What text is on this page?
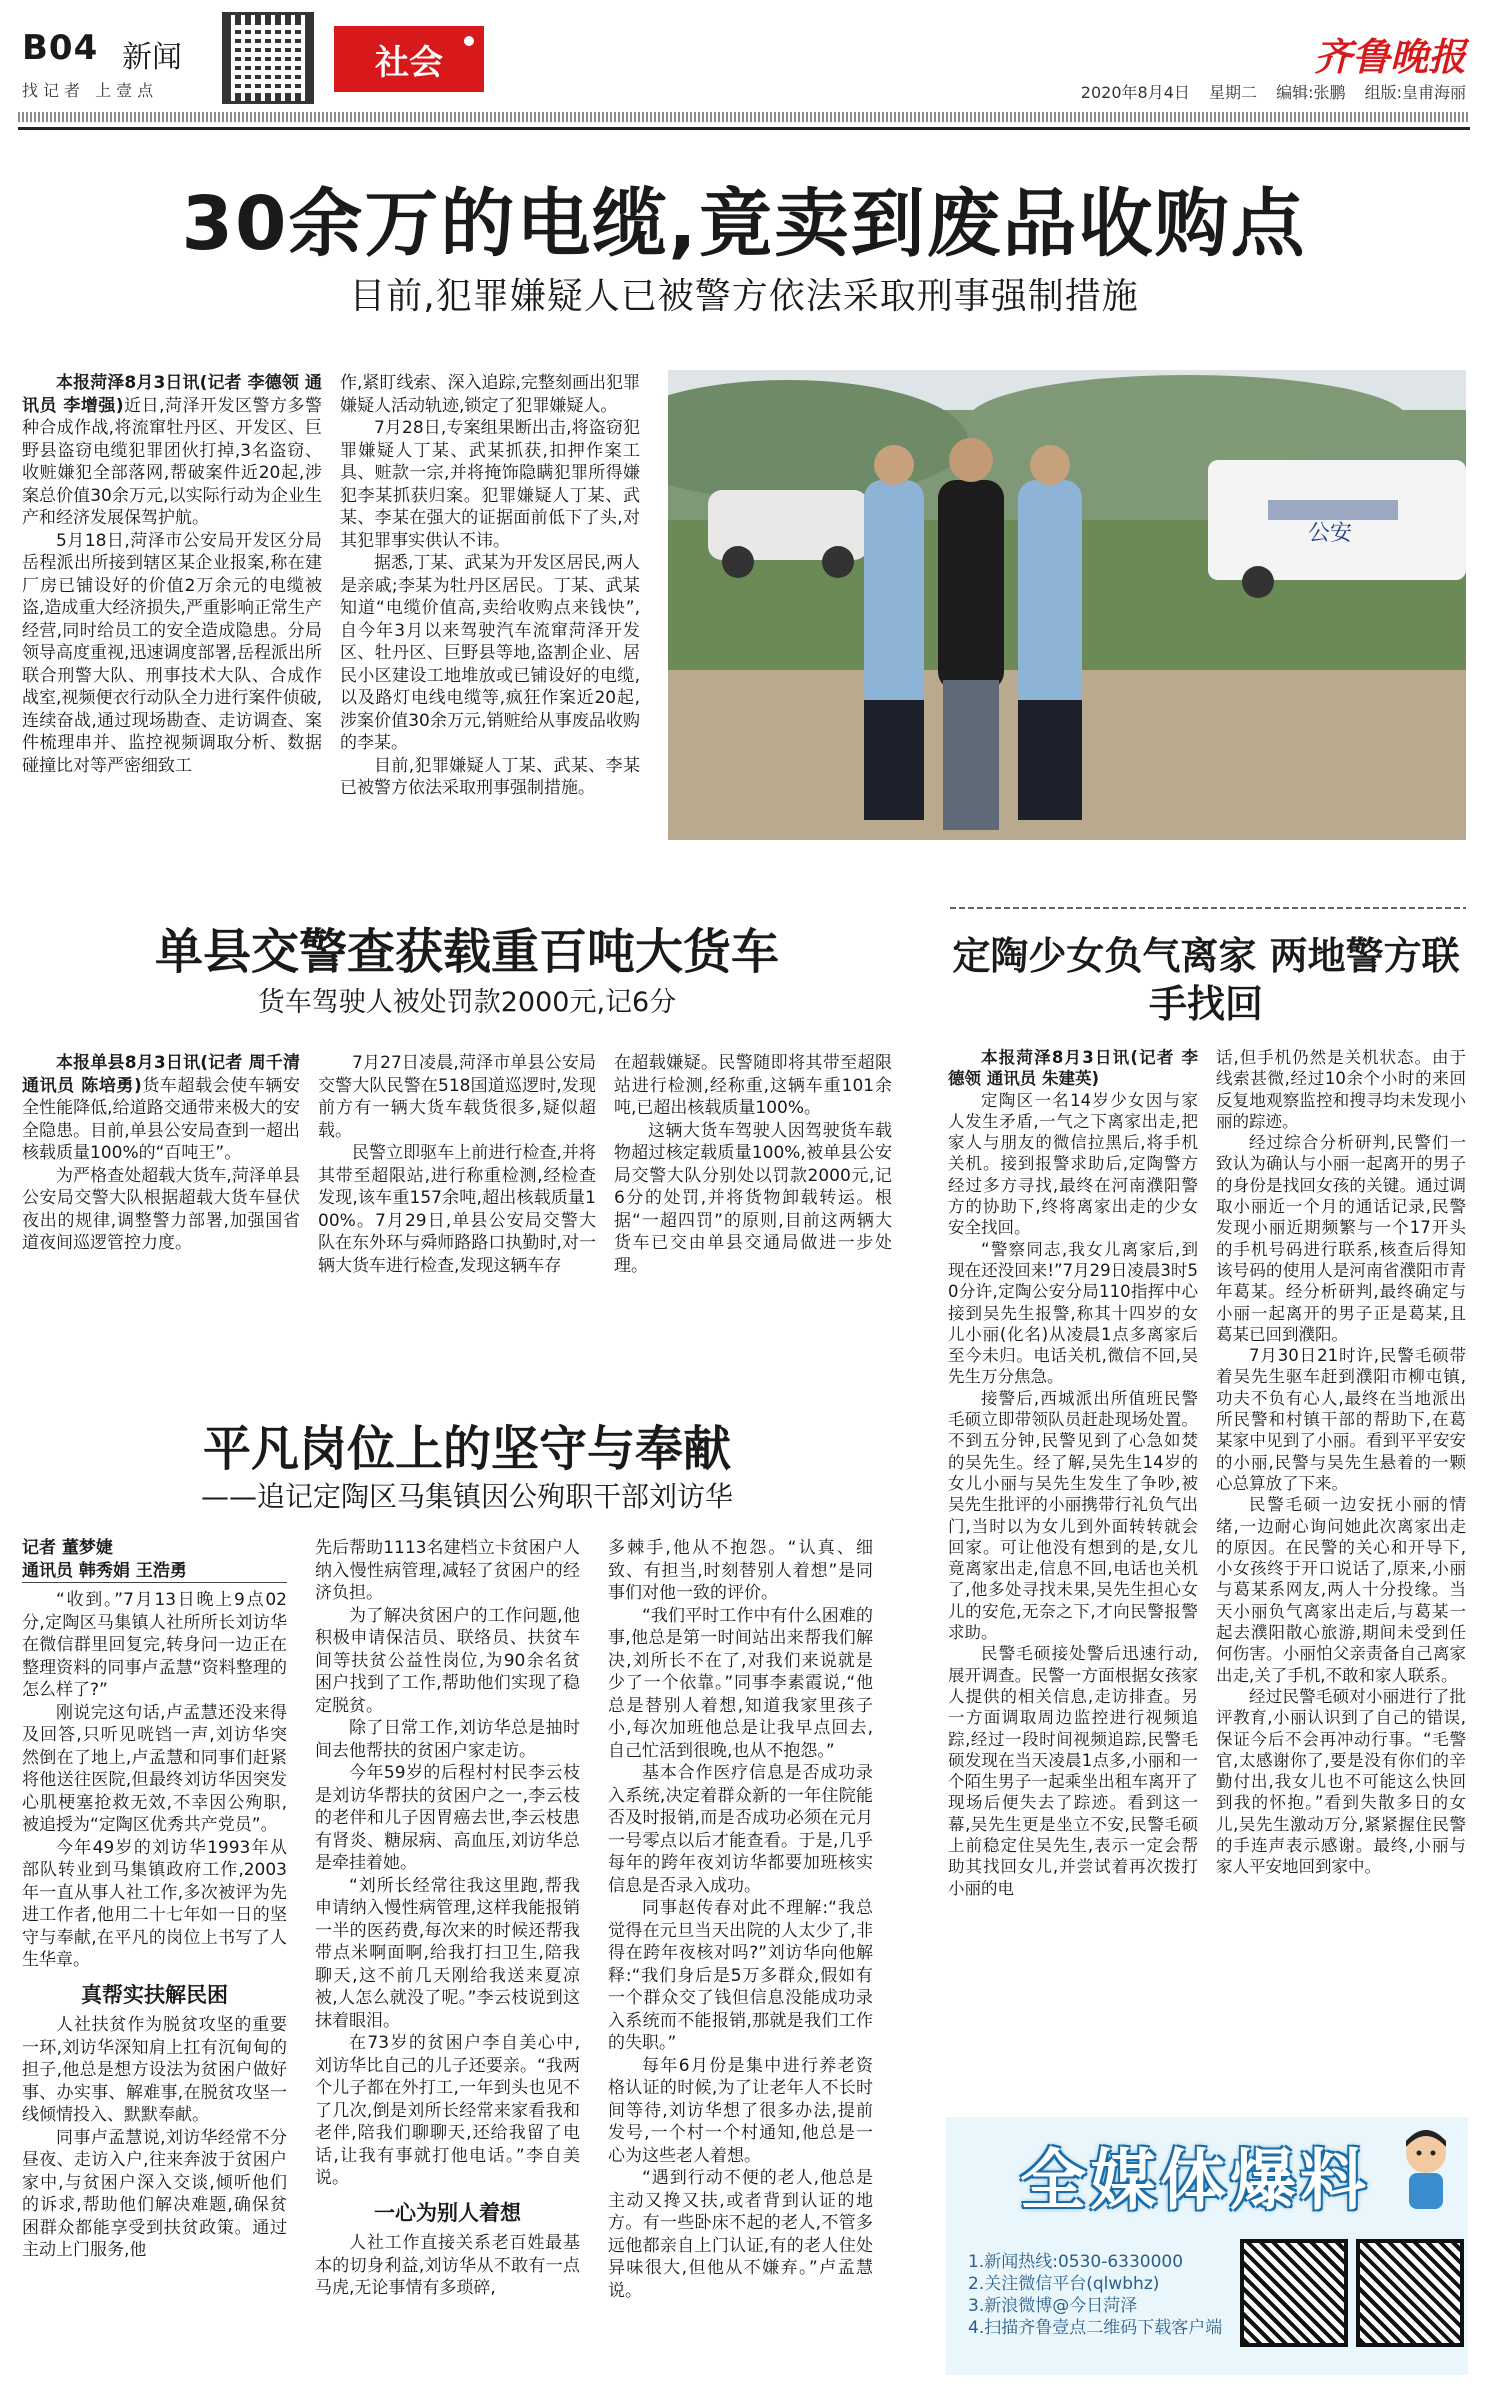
B04 新闻
找记者 上壹点
社会	齐鲁晚报
2020年8月4日 星期二 编辑:张鹏 组版:皇甫海丽
30余万的电缆,竟卖到废品收购点
目前,犯罪嫌疑人已被警方依法采取刑事强制措施

本报菏泽8月3日讯(记者 李德领 通讯员 李增强)近日,菏泽开发区警方多警种合成作战,将流窜牡丹区、开发区、巨野县盗窃电缆犯罪团伙打掉,3名盗窃、收赃嫌犯全部落网,帮破案件近20起,涉案总价值30余万元,以实际行动为企业生产和经济发展保驾护航。

5月18日,菏泽市公安局开发区分局岳程派出所接到辖区某企业报案,称在建厂房已铺设好的价值2万余元的电缆被盗,造成重大经济损失,严重影响正常生产经营,同时给员工的安全造成隐患。分局领导高度重视,迅速调度部署,岳程派出所联合刑警大队、刑事技术大队、合成作战室,视频便衣行动队全力进行案件侦破,连续奋战,通过现场勘查、走访调查、案件梳理串并、监控视频调取分析、数据碰撞比对等严密细致工

作,紧盯线索、深入追踪,完整刻画出犯罪嫌疑人活动轨迹,锁定了犯罪嫌疑人。

7月28日,专案组果断出击,将盗窃犯罪嫌疑人丁某、武某抓获,扣押作案工具、赃款一宗,并将掩饰隐瞒犯罪所得嫌犯李某抓获归案。犯罪嫌疑人丁某、武某、李某在强大的证据面前低下了头,对其犯罪事实供认不讳。

据悉,丁某、武某为开发区居民,两人是亲戚;李某为牡丹区居民。丁某、武某知道“电缆价值高,卖给收购点来钱快”,自今年3月以来驾驶汽车流窜菏泽开发区、牡丹区、巨野县等地,盗割企业、居民小区建设工地堆放或已铺设好的电缆,以及路灯电线电缆等,疯狂作案近20起,涉案价值30余万元,销赃给从事废品收购的李某。

目前,犯罪嫌疑人丁某、武某、李某已被警方依法采取刑事强制措施。

公安
单县交警查获载重百吨大货车
货车驾驶人被处罚款2000元,记6分

本报单县8月3日讯(记者 周千清 通讯员 陈培勇)货车超载会使车辆安全性能降低,给道路交通带来极大的安全隐患。目前,单县公安局查到一超出核载质量100%的“百吨王”。

为严格查处超载大货车,菏泽单县公安局交警大队根据超载大货车昼伏夜出的规律,调整警力部署,加强国省道夜间巡逻管控力度。

7月27日凌晨,菏泽市单县公安局交警大队民警在518国道巡逻时,发现前方有一辆大货车载货很多,疑似超载。

民警立即驱车上前进行检查,并将其带至超限站,进行称重检测,经检查发现,该车重157余吨,超出核载质量100%。7月29日,单县公安局交警大队在东外环与舜师路路口执勤时,对一辆大货车进行检查,发现这辆车存

在超载嫌疑。民警随即将其带至超限站进行检测,经称重,这辆车重101余吨,已超出核载质量100%。

这辆大货车驾驶人因驾驶货车载物超过核定载质量100%,被单县公安局交警大队分别处以罚款2000元,记6分的处罚,并将货物卸载转运。根据“一超四罚”的原则,目前这两辆大货车已交由单县交通局做进一步处理。

定陶少女负气离家 两地警方联手找回

本报菏泽8月3日讯(记者 李德领 通讯员 朱建英)

定陶区一名14岁少女因与家人发生矛盾,一气之下离家出走,把家人与朋友的微信拉黑后,将手机关机。接到报警求助后,定陶警方经过多方寻找,最终在河南濮阳警方的协助下,终将离家出走的少女安全找回。

“警察同志,我女儿离家后,到现在还没回来!”7月29日凌晨3时50分许,定陶公安分局110指挥中心接到吴先生报警,称其十四岁的女儿小丽(化名)从凌晨1点多离家后至今未归。电话关机,微信不回,吴先生万分焦急。

接警后,西城派出所值班民警毛硕立即带领队员赶赴现场处置。不到五分钟,民警见到了心急如焚的吴先生。经了解,吴先生14岁的女儿小丽与吴先生发生了争吵,被吴先生批评的小丽携带行礼负气出门,当时以为女儿到外面转转就会回家。可让他没有想到的是,女儿竟离家出走,信息不回,电话也关机了,他多处寻找未果,吴先生担心女儿的安危,无奈之下,才向民警报警求助。

民警毛硕接处警后迅速行动,展开调查。民警一方面根据女孩家人提供的相关信息,走访排查。另一方面调取周边监控进行视频追踪,经过一段时间视频追踪,民警毛硕发现在当天凌晨1点多,小丽和一个陌生男子一起乘坐出租车离开了现场后便失去了踪迹。看到这一幕,吴先生更是坐立不安,民警毛硕上前稳定住吴先生,表示一定会帮助其找回女儿,并尝试着再次拨打小丽的电

话,但手机仍然是关机状态。由于线索甚微,经过10余个小时的来回反复地观察监控和搜寻均未发现小丽的踪迹。

经过综合分析研判,民警们一致认为确认与小丽一起离开的男子的身份是找回女孩的关键。通过调取小丽近一个月的通话记录,民警发现小丽近期频繁与一个17开头的手机号码进行联系,核查后得知该号码的使用人是河南省濮阳市青年葛某。经分析研判,最终确定与小丽一起离开的男子正是葛某,且葛某已回到濮阳。

7月30日21时许,民警毛硕带着吴先生驱车赶到濮阳市柳屯镇,功夫不负有心人,最终在当地派出所民警和村镇干部的帮助下,在葛某家中见到了小丽。看到平平安安的小丽,民警与吴先生悬着的一颗心总算放了下来。

民警毛硕一边安抚小丽的情绪,一边耐心询问她此次离家出走的原因。在民警的关心和开导下,小女孩终于开口说话了,原来,小丽与葛某系网友,两人十分投缘。当天小丽负气离家出走后,与葛某一起去濮阳散心旅游,期间未受到任何伤害。小丽怕父亲责备自己离家出走,关了手机,不敢和家人联系。

经过民警毛硕对小丽进行了批评教育,小丽认识到了自己的错误,保证今后不会再冲动行事。“毛警官,太感谢你了,要是没有你们的辛勤付出,我女儿也不可能这么快回到我的怀抱。”看到失散多日的女儿,吴先生激动万分,紧紧握住民警的手连声表示感谢。最终,小丽与家人平安地回到家中。

平凡岗位上的坚守与奉献
——追记定陶区马集镇因公殉职干部刘访华

记者 董梦婕

通讯员 韩秀娟 王浩勇

“收到。”7月13日晚上9点02分,定陶区马集镇人社所所长刘访华在微信群里回复完,转身问一边正在整理资料的同事卢孟慧“资料整理的怎么样了?”

刚说完这句话,卢孟慧还没来得及回答,只听见咣铛一声,刘访华突然倒在了地上,卢孟慧和同事们赶紧将他送往医院,但最终刘访华因突发心肌梗塞抢救无效,不幸因公殉职,被追授为“定陶区优秀共产党员”。

今年49岁的刘访华1993年从部队转业到马集镇政府工作,2003年一直从事人社工作,多次被评为先进工作者,他用二十七年如一日的坚守与奉献,在平凡的岗位上书写了人生华章。

真帮实扶解民困

人社扶贫作为脱贫攻坚的重要一环,刘访华深知肩上扛有沉甸甸的担子,他总是想方设法为贫困户做好事、办实事、解难事,在脱贫攻坚一线倾情投入、默默奉献。

同事卢孟慧说,刘访华经常不分昼夜、走访入户,往来奔波于贫困户家中,与贫困户深入交谈,倾听他们的诉求,帮助他们解决难题,确保贫困群众都能享受到扶贫政策。通过主动上门服务,他

先后帮助1113名建档立卡贫困户人纳入慢性病管理,减轻了贫困户的经济负担。

为了解决贫困户的工作问题,他积极申请保洁员、联络员、扶贫车间等扶贫公益性岗位,为90余名贫困户找到了工作,帮助他们实现了稳定脱贫。

除了日常工作,刘访华总是抽时间去他帮扶的贫困户家走访。

今年59岁的后程村村民李云枝是刘访华帮扶的贫困户之一,李云枝的老伴和儿子因胃癌去世,李云枝患有肾炎、糖尿病、高血压,刘访华总是牵挂着她。

“刘所长经常往我这里跑,帮我申请纳入慢性病管理,这样我能报销一半的医药费,每次来的时候还帮我带点米啊面啊,给我打扫卫生,陪我聊天,这不前几天刚给我送来夏凉被,人怎么就没了呢。”李云枝说到这抹着眼泪。

在73岁的贫困户李自美心中,刘访华比自己的儿子还要亲。“我两个儿子都在外打工,一年到头也见不了几次,倒是刘所长经常来家看我和老伴,陪我们聊聊天,还给我留了电话,让我有事就打他电话。”李自美说。

一心为别人着想

人社工作直接关系老百姓最基本的切身利益,刘访华从不敢有一点马虎,无论事情有多琐碎,

多棘手,他从不抱怨。“认真、细致、有担当,时刻替别人着想”是同事们对他一致的评价。

“我们平时工作中有什么困难的事,他总是第一时间站出来帮我们解决,刘所长不在了,对我们来说就是少了一个依靠。”同事李素霞说,“他总是替别人着想,知道我家里孩子小,每次加班他总是让我早点回去,自己忙活到很晚,也从不抱怨。”

基本合作医疗信息是否成功录入系统,决定着群众新的一年住院能否及时报销,而是否成功必须在元月一号零点以后才能查看。于是,几乎每年的跨年夜刘访华都要加班核实信息是否录入成功。

同事赵传春对此不理解:“我总觉得在元旦当天出院的人太少了,非得在跨年夜核对吗?”刘访华向他解释:“我们身后是5万多群众,假如有一个群众交了钱但信息没能成功录入系统而不能报销,那就是我们工作的失职。”

每年6月份是集中进行养老资格认证的时候,为了让老年人不长时间等待,刘访华想了很多办法,提前发号,一个村一个村通知,他总是一心为这些老人着想。

“遇到行动不便的老人,他总是主动又搀又扶,或者背到认证的地方。有一些卧床不起的老人,不管多远他都亲自上门认证,有的老人住处异味很大,但他从不嫌弃。”卢孟慧说。

全媒体爆料
1.新闻热线:0530-6330000
2.关注微信平台(qlwbhz)
3.新浪微博@今日菏泽
4.扫描齐鲁壹点二维码下载客户端
